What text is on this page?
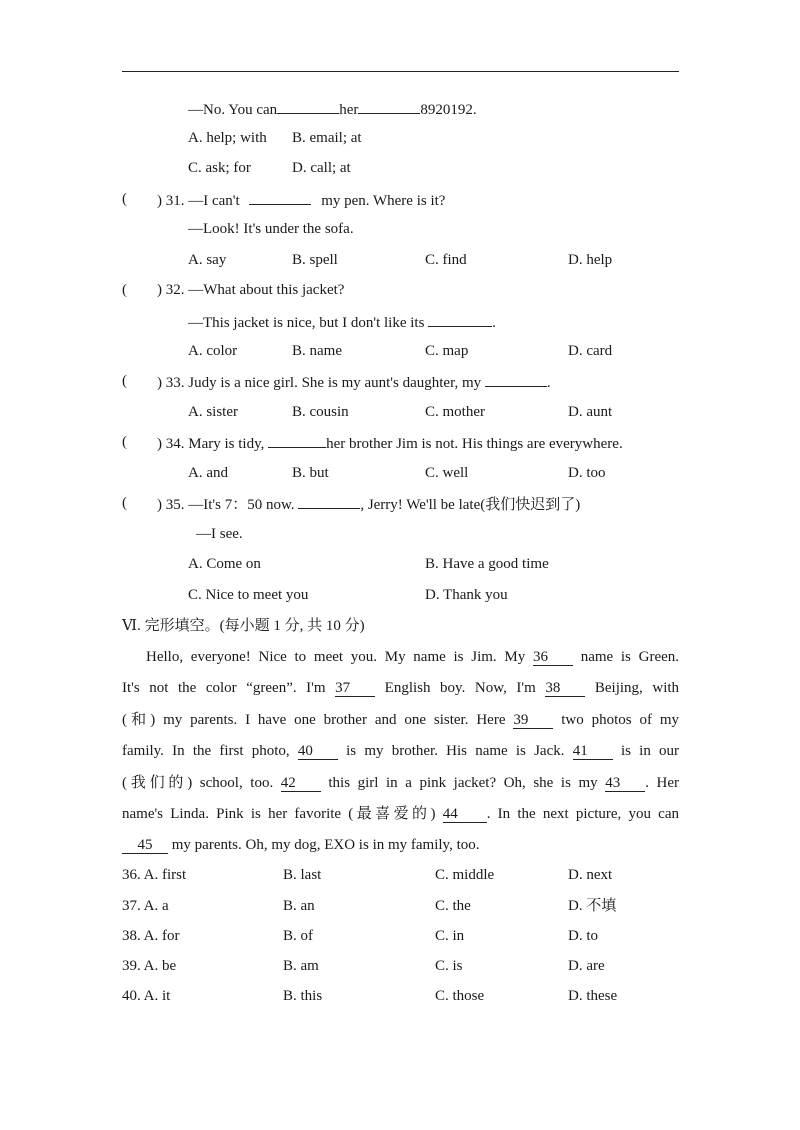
—No. You can	her	8920192.
A. help; with B. email; at
C. ask; for	D. call; at
( ) 31. —I can't	my pen. Where is it?
—Look! It's under the sofa.
A. say	B. spell	C. find	D. help
( ) 32. —What about this jacket?
—This jacket is nice, but I don't like its	.
A. color	B. name	C. map	D. card
( ) 33. Judy is a nice girl. She is my aunt's daughter, my	.
A. sister	B. cousin	C. mother	D. aunt
( ) 34. Mary is tidy,	her brother Jim is not. His things are everywhere.
A. and	B. but	C. well	D. too
( ) 35. —It's 7：50 now.	, Jerry! We'll be late(我们快迟到了)
—I see.
A. Come on	B. Have a good time
C. Nice to meet you	D. Thank you
Ⅵ. 完形填空。(每小题 1 分, 共 10 分)
Hello, everyone! Nice to meet you. My name is Jim. My 36 name is Green.
It's not the color “green”. I'm 37 English boy. Now, I'm 38 Beijing, with
(和) my parents. I have one brother and one sister. Here 39 two photos of my
family. In the first photo, 40 is my brother. His name is Jack. 41 is in our
(我们的) school, too. 42 this girl in a pink jacket? Oh, she is my 43 . Her
name's Linda. Pink is her favorite (最喜爱的) 44 . In the next picture, you can
45 my parents. Oh, my dog, EXO is in my family, too.
36. A. first	B. last	C. middle	D. next
37. A. a	B. an	C. the	D. 不填
38. A. for	B. of	C. in	D. to
39. A. be	B. am	C. is	D. are
40. A. it	B. this	C. those	D. these
